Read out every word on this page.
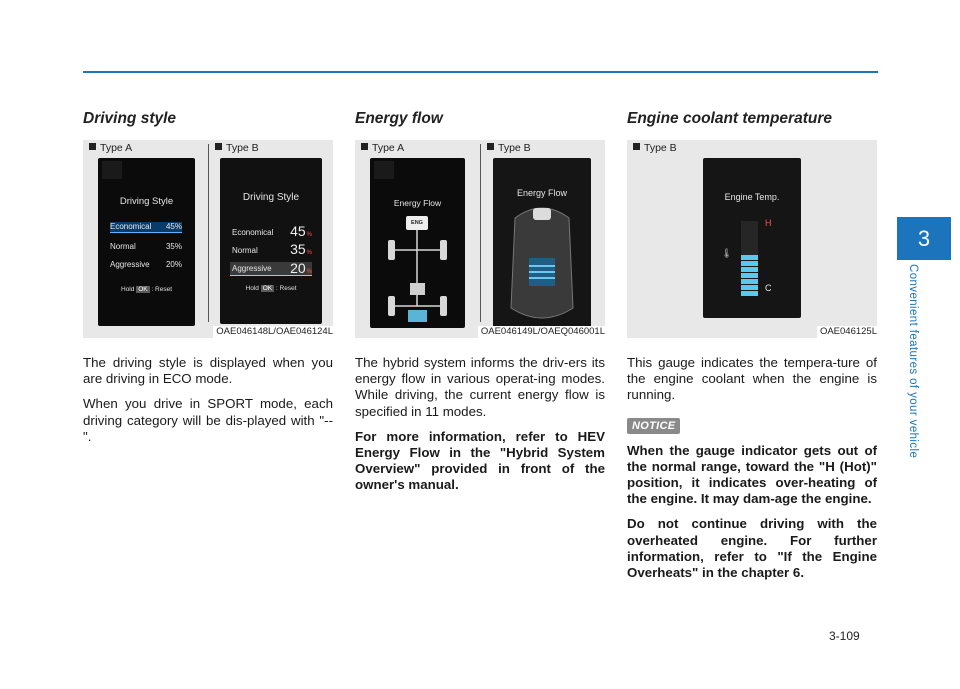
Driving style
Type A	Type B
Driving Style
Economical 45%
Normal	35%
Aggressive 20%
Hold OK : Reset
Driving Style
Economical 45%
Normal 35%
Aggressive 20%
Hold OK : Reset
OAE046148L/OAE046124L

The driving style is displayed when you are driving in ECO mode.

When you drive in SPORT mode, each driving category will be dis-played with "--".

Energy flow
Type A	Type B
Energy Flow
ENG
Energy Flow
OAE046149L/OAEQ046001L

The hybrid system informs the driv-ers its energy flow in various operat-ing modes. While driving, the current energy flow is specified in 11 modes.

For more information, refer to HEV Energy Flow in the "Hybrid System Overview" provided in front of the owner's manual.

Engine coolant temperature
Type B
Engine Temp.
🌡
H
C
OAE046125L

This gauge indicates the tempera-ture of the engine coolant when the engine is running.

NOTICE

When the gauge indicator gets out of the normal range, toward the "H (Hot)" position, it indicates over-heating of the engine. It may dam-age the engine.

Do not continue driving with the overheated engine. For further information, refer to "If the Engine Overheats" in the chapter 6.

3
Convenient features of your vehicle
3-109
